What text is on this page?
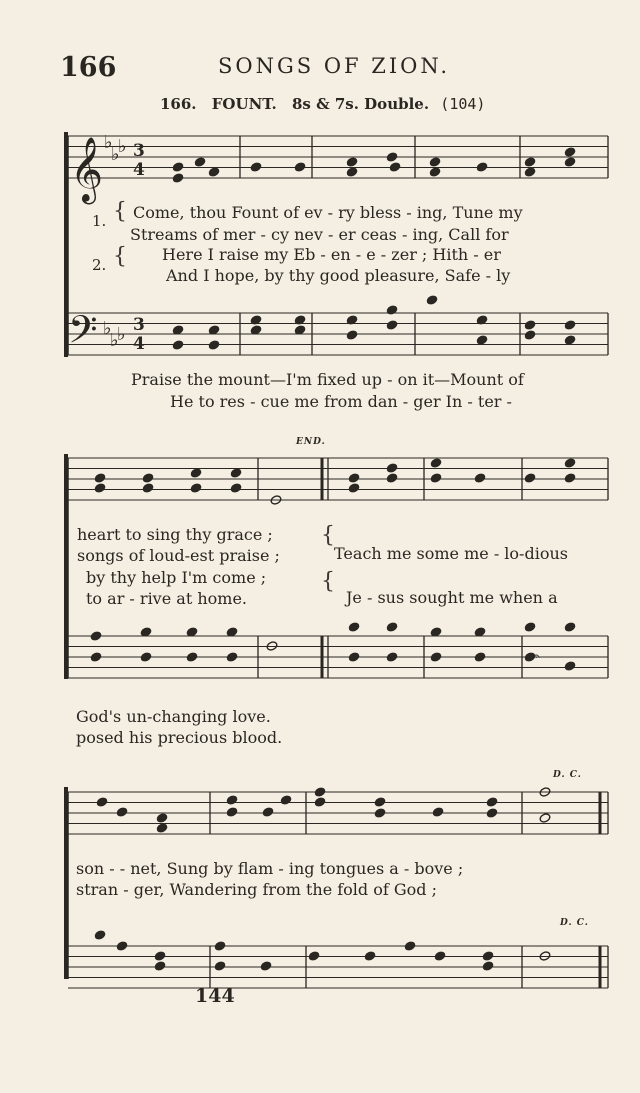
166	SONGS OF ZION.
166. FOUNT. 8s & 7s. Double. (104)
𝄞
𝄢
♭
♭
♭
♭
♭
♭
3
4
3
4
𝄐
1.
2.
{
{
Come, thou Fount of ev - ry bless - ing, Tune my
Streams of mer - cy nev - er ceas - ing, Call for
Here I raise my Eb - en - e - zer ; Hith - er
And I hope, by thy good pleasure, Safe - ly
Praise the mount—I'm fixed up - on it—Mount of
He to res - cue me from dan - ger In - ter -
END.
heart to sing thy grace ;
songs of loud-est praise ;
by thy help I'm come ;
to ar - rive at home.
{
{
Teach me some me - lo-dious
Je - sus sought me when a
God's un-changing love.
posed his precious blood.
D. C.
D. C.
son - - net, Sung by flam - ing tongues a - bove ;
stran - ger, Wandering from the fold of God ;
144
